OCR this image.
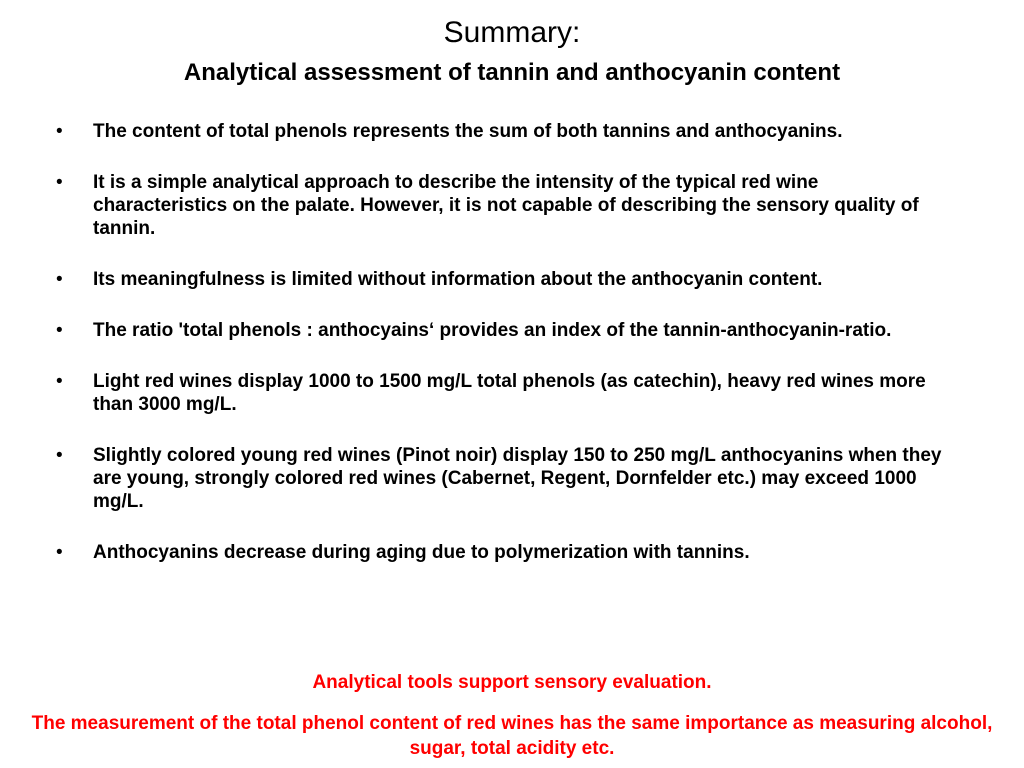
Summary:
Analytical assessment of tannin and anthocyanin content
• The content of total phenols represents the sum of both tannins and anthocyanins.
• It is a simple analytical approach to describe the intensity of the typical red wine characteristics on the palate. However, it is not capable of describing the sensory quality of tannin.
• Its meaningfulness is limited without information about the anthocyanin content.
• The ratio 'total phenols : anthocyains‘ provides an index of the tannin-anthocyanin-ratio.
• Light red wines display 1000 to 1500 mg/L total phenols (as catechin), heavy red wines more than 3000 mg/L.
• Slightly colored young red wines (Pinot noir) display 150 to 250 mg/L anthocyanins when they are young, strongly colored red wines (Cabernet, Regent, Dornfelder etc.) may exceed 1000 mg/L.
• Anthocyanins decrease during aging due to polymerization with tannins.

Analytical tools support sensory evaluation.

The measurement of the total phenol content of red wines has the same importance as measuring alcohol, sugar, total acidity etc.
